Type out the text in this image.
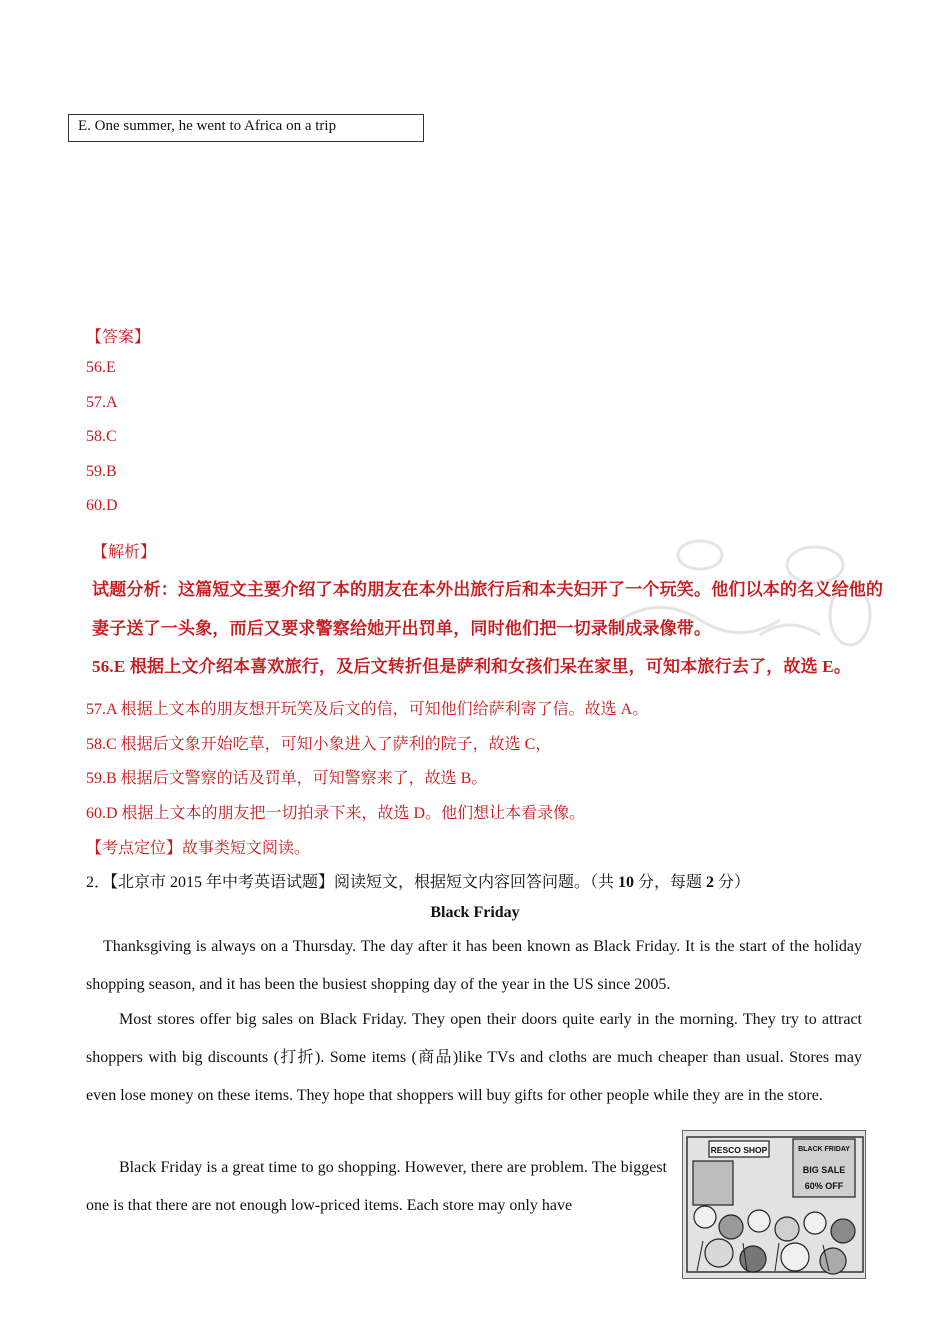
E. One summer, he went to Africa on a trip
【答案】
56.E
57.A
58.C
59.B
60.D
【解析】
试题分析：这篇短文主要介绍了本的朋友在本外出旅行后和本夫妇开了一个玩笑。他们以本的名义给他的
妻子送了一头象，而后又要求警察给她开出罚单，同时他们把一切录制成录像带。
56.E 根据上文介绍本喜欢旅行，及后文转折但是萨利和女孩们呆在家里，可知本旅行去了，故选 E。
57.A 根据上文本的朋友想开玩笑及后文的信，可知他们给萨利寄了信。故选 A。
58.C 根据后文象开始吃草，可知小象进入了萨利的院子，故选 C，
59.B 根据后文警察的话及罚单，可知警察来了，故选 B。
60.D 根据上文本的朋友把一切拍录下来，故选 D。他们想让本看录像。
【考点定位】故事类短文阅读。
2．【北京市 2015 年中考英语试题】阅读短文，根据短文内容回答问题。（共 10 分，每题 2 分）
Black Friday
Thanksgiving is always on a Thursday. The day after it has been known as Black Friday. It is the start of the holiday shopping season, and it has been the busiest shopping day of the year in the US since 2005.
Most stores offer big sales on Black Friday. They open their doors quite early in the morning. They try to attract shoppers with big discounts (打折). Some items (商品)like TVs and cloths are much cheaper than usual. Stores may even lose money on these items. They hope that shoppers will buy gifts for other people while they are in the store.
Black Friday is a great time to go shopping. However, there are problem. The biggest one is that there are not enough low-priced items. Each store may only have
RESCO SHOP	BLACK FRIDAY
BIG SALE
60% OFF
